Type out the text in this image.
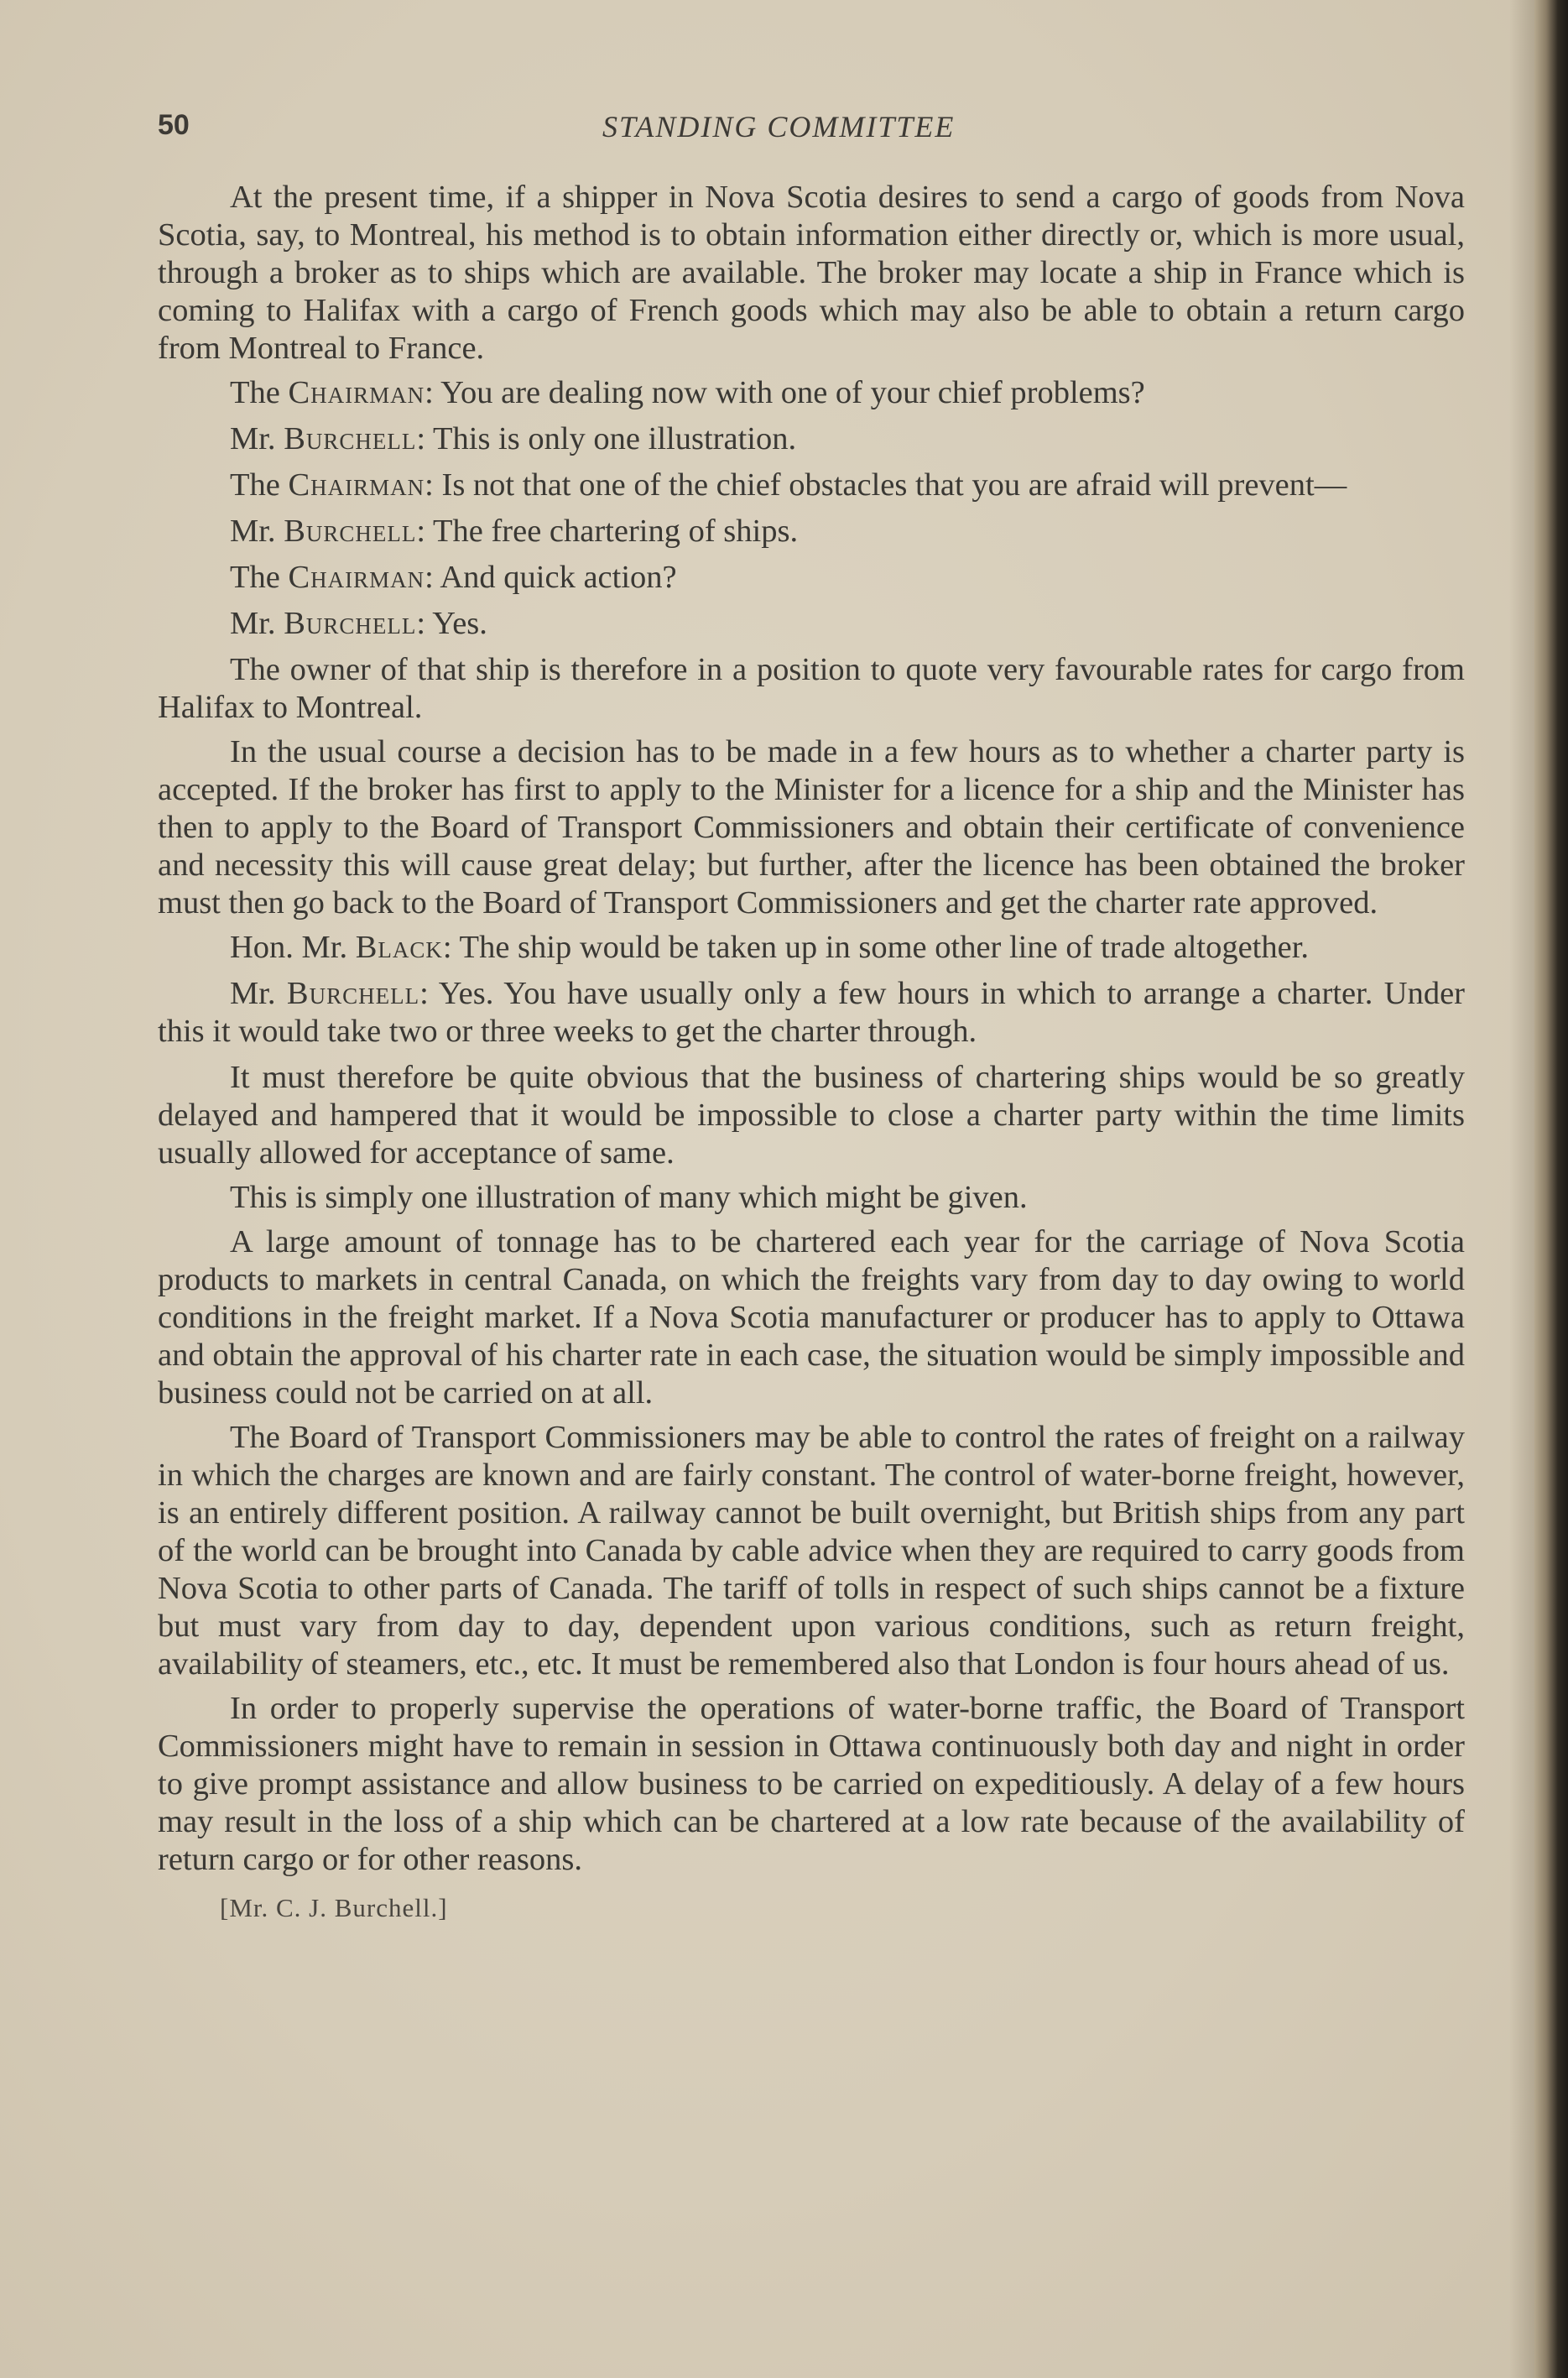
50	STANDING COMMITTEE

At the present time, if a shipper in Nova Scotia desires to send a cargo of goods from Nova Scotia, say, to Montreal, his method is to obtain information either directly or, which is more usual, through a broker as to ships which are available. The broker may locate a ship in France which is coming to Halifax with a cargo of French goods which may also be able to obtain a return cargo from Montreal to France.

The Chairman: You are dealing now with one of your chief problems?

Mr. Burchell: This is only one illustration.

The Chairman: Is not that one of the chief obstacles that you are afraid will prevent—

Mr. Burchell: The free chartering of ships.

The Chairman: And quick action?

Mr. Burchell: Yes.

The owner of that ship is therefore in a position to quote very favourable rates for cargo from Halifax to Montreal.

In the usual course a decision has to be made in a few hours as to whether a charter party is accepted. If the broker has first to apply to the Minister for a licence for a ship and the Minister has then to apply to the Board of Transport Commissioners and obtain their certificate of convenience and necessity this will cause great delay; but further, after the licence has been obtained the broker must then go back to the Board of Transport Commissioners and get the charter rate approved.

Hon. Mr. Black: The ship would be taken up in some other line of trade altogether.

Mr. Burchell: Yes. You have usually only a few hours in which to arrange a charter. Under this it would take two or three weeks to get the charter through.

It must therefore be quite obvious that the business of chartering ships would be so greatly delayed and hampered that it would be impossible to close a charter party within the time limits usually allowed for acceptance of same.

This is simply one illustration of many which might be given.

A large amount of tonnage has to be chartered each year for the carriage of Nova Scotia products to markets in central Canada, on which the freights vary from day to day owing to world conditions in the freight market. If a Nova Scotia manufacturer or producer has to apply to Ottawa and obtain the approval of his charter rate in each case, the situation would be simply impossible and business could not be carried on at all.

The Board of Transport Commissioners may be able to control the rates of freight on a railway in which the charges are known and are fairly constant. The control of water-borne freight, however, is an entirely different position. A railway cannot be built overnight, but British ships from any part of the world can be brought into Canada by cable advice when they are required to carry goods from Nova Scotia to other parts of Canada. The tariff of tolls in respect of such ships cannot be a fixture but must vary from day to day, dependent upon various conditions, such as return freight, availability of steamers, etc., etc. It must be remembered also that London is four hours ahead of us.

In order to properly supervise the operations of water-borne traffic, the Board of Transport Commissioners might have to remain in session in Ottawa continuously both day and night in order to give prompt assistance and allow business to be carried on expeditiously. A delay of a few hours may result in the loss of a ship which can be chartered at a low rate because of the availability of return cargo or for other reasons.

[Mr. C. J. Burchell.]
